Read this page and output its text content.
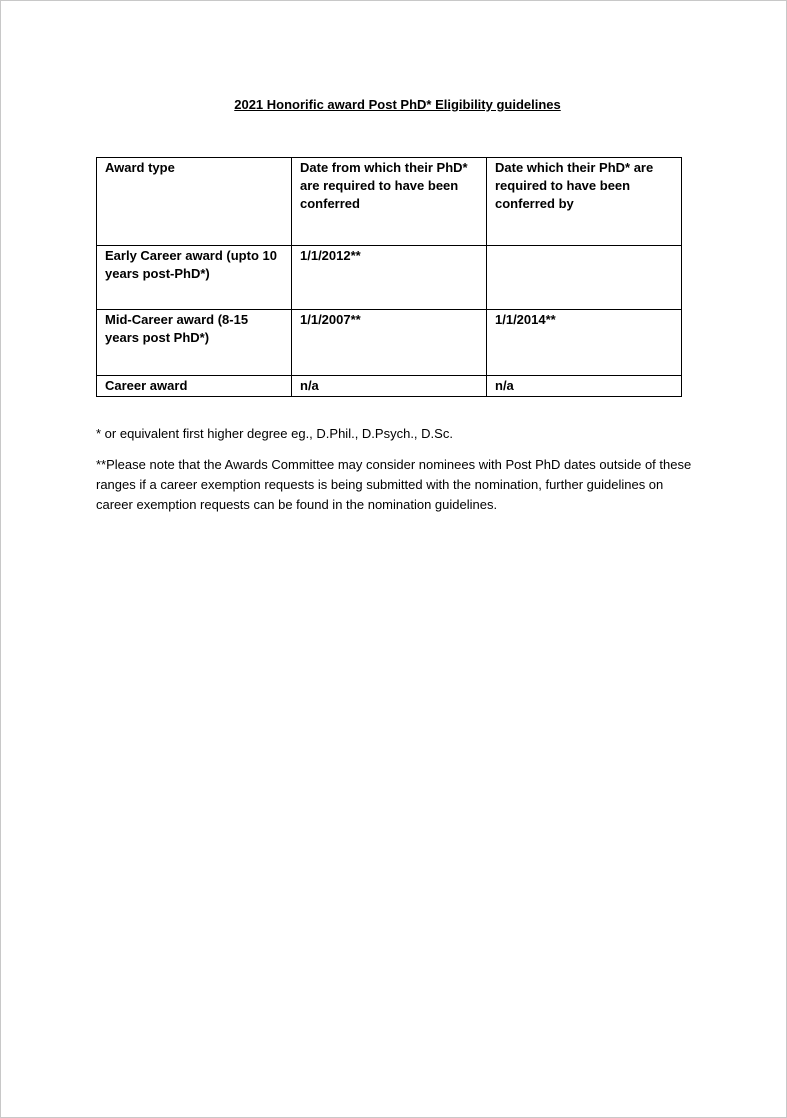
2021 Honorific award Post PhD* Eligibility guidelines
Award type	Date from which their PhD* are required to have been conferred	Date which their PhD* are required to have been conferred by
Early Career award (upto 10 years post-PhD*)	1/1/2012**	
Mid-Career award (8-15 years post PhD*)	1/1/2007**	1/1/2014**
Career award	n/a	n/a
* or equivalent first higher degree eg., D.Phil., D.Psych., D.Sc.
**Please note that the Awards Committee may consider nominees with Post PhD dates outside of these ranges if a career exemption requests is being submitted with the nomination, further guidelines on career exemption requests can be found in the nomination guidelines.
